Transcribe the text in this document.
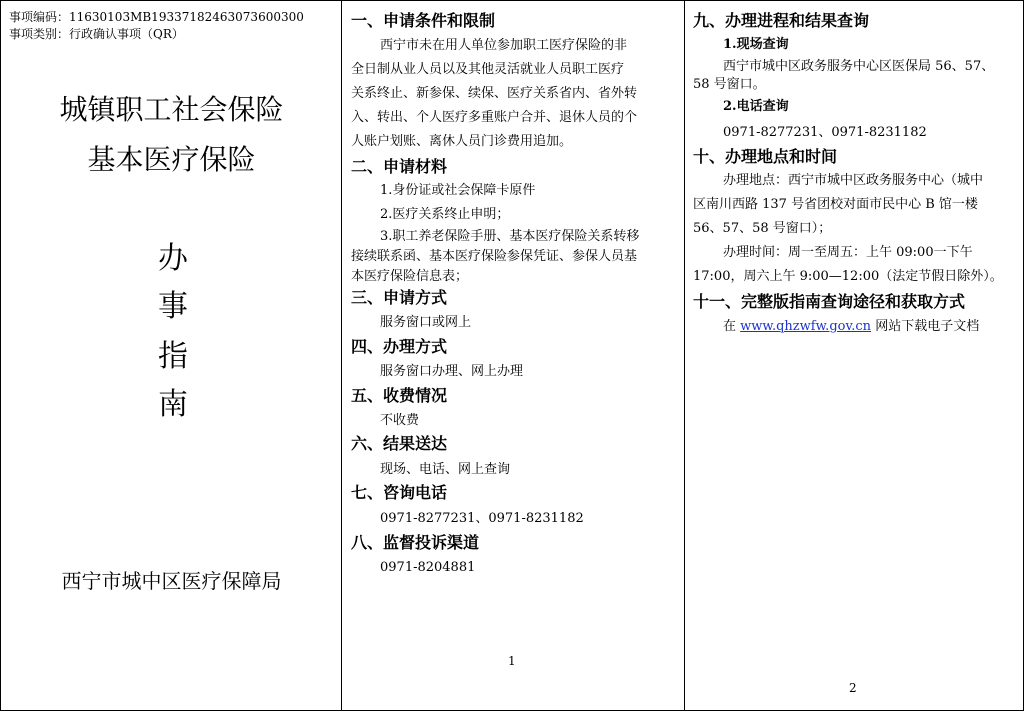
事项编码：11630103MB19337182463073600300
事项类别：行政确认事项（QR）
城镇职工社会保险
基本医疗保险
办
事
指
南
西宁市城中区医疗保障局
一、申请条件和限制
西宁市未在用人单位参加职工医疗保险的非
全日制从业人员以及其他灵活就业人员职工医疗
关系终止、新参保、续保、医疗关系省内、省外转
入、转出、个人医疗多重账户合并、退休人员的个
人账户划账、离休人员门诊费用追加。
二、申请材料
1.身份证或社会保障卡原件
2.医疗关系终止申明；
3.职工养老保险手册、基本医疗保险关系转移
接续联系函、基本医疗保险参保凭证、参保人员基
本医疗保险信息表；
三、申请方式
服务窗口或网上
四、办理方式
服务窗口办理、网上办理
五、收费情况
不收费
六、结果送达
现场、电话、网上查询
七、咨询电话
0971-8277231、0971-8231182
八、监督投诉渠道
0971-8204881
1
九、办理进程和结果查询
1.现场查询
西宁市城中区政务服务中心区医保局 56、57、
58 号窗口。
2.电话查询
0971-8277231、0971-8231182
十、办理地点和时间
办理地点：西宁市城中区政务服务中心（城中
区南川西路 137 号省团校对面市民中心 B 馆一楼
56、57、58 号窗口）；
办理时间：周一至周五：上午 09:00一下午
17:00，周六上午 9:00—12:00（法定节假日除外）。
十一、完整版指南查询途径和获取方式
在 www.qhzwfw.gov.cn 网站下载电子文档
2
